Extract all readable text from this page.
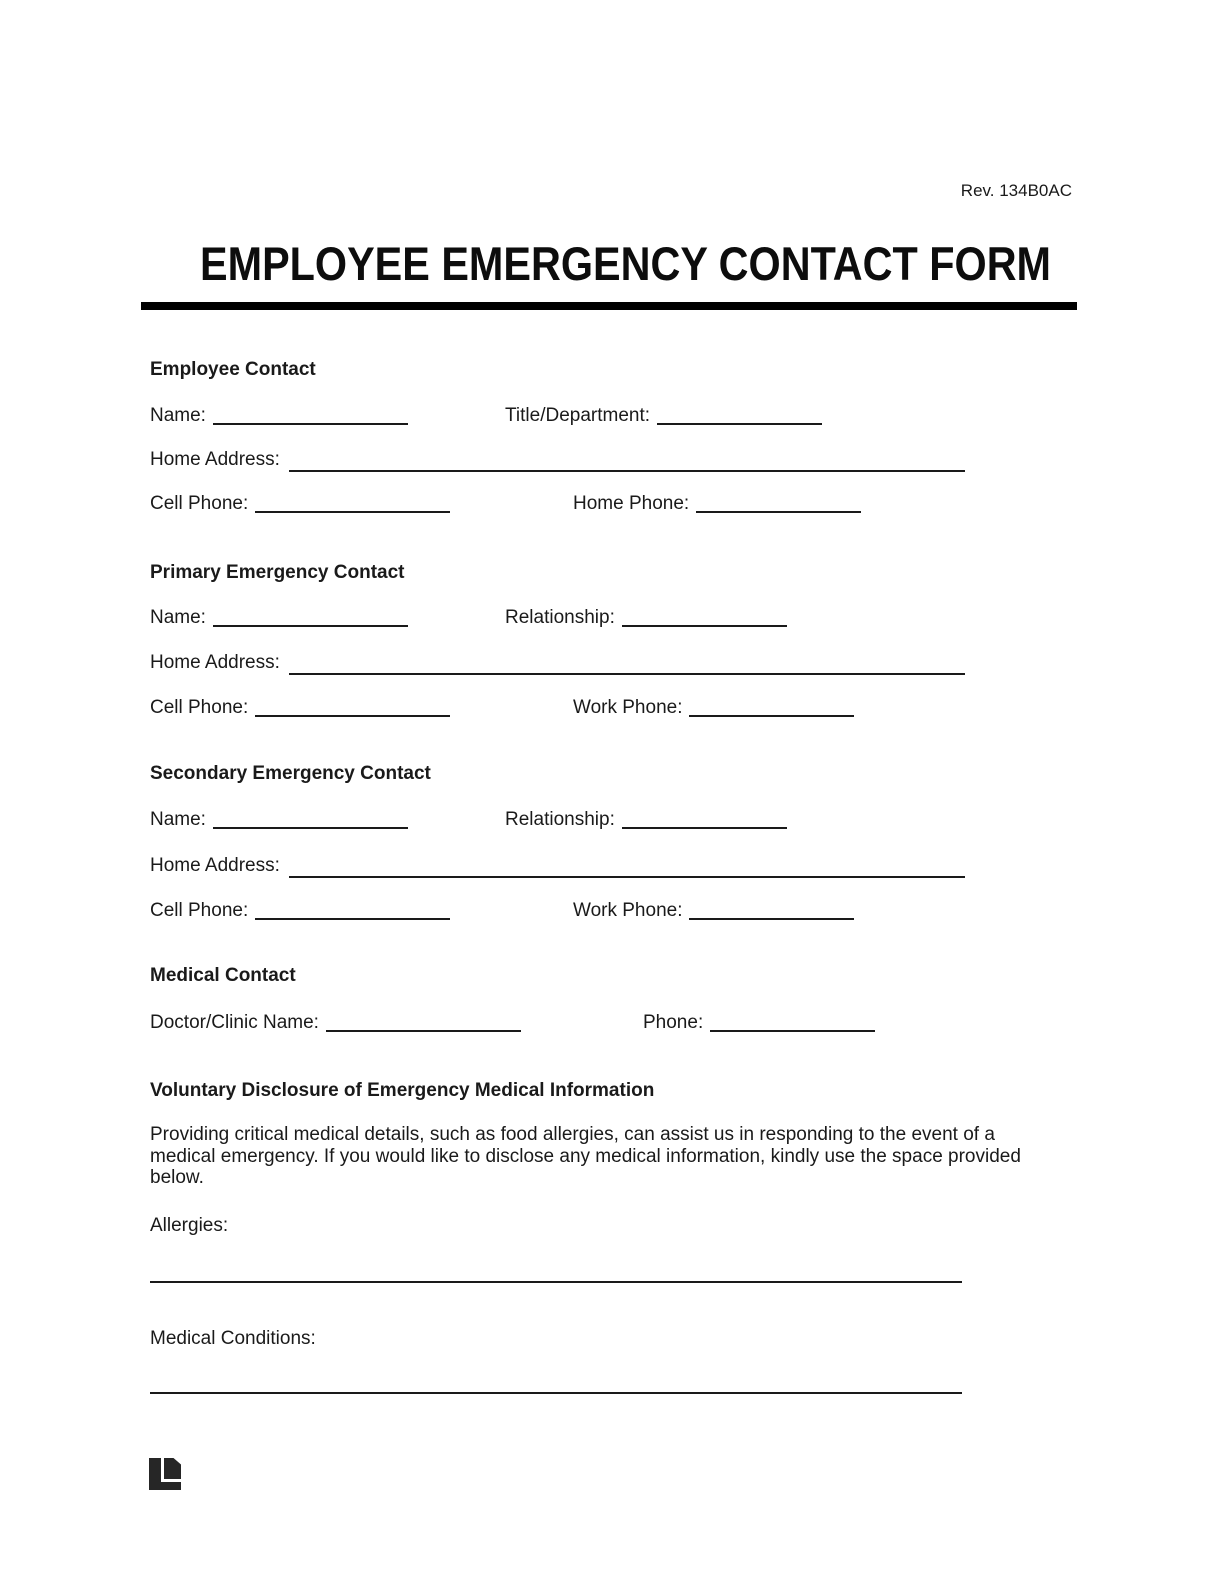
Rev. 134B0AC
EMPLOYEE EMERGENCY CONTACT FORM
Employee Contact
Name:	Title/Department:
Home Address:
Cell Phone:	Home Phone:
Primary Emergency Contact
Name:	Relationship:
Home Address:
Cell Phone:	Work Phone:
Secondary Emergency Contact
Name:	Relationship:
Home Address:
Cell Phone:	Work Phone:
Medical Contact
Doctor/Clinic Name:	Phone:
Voluntary Disclosure of Emergency Medical Information
Providing critical medical details, such as food allergies, can assist us in responding to the event of a medical emergency. If you would like to disclose any medical information, kindly use the space provided below.
Allergies:
Medical Conditions:
